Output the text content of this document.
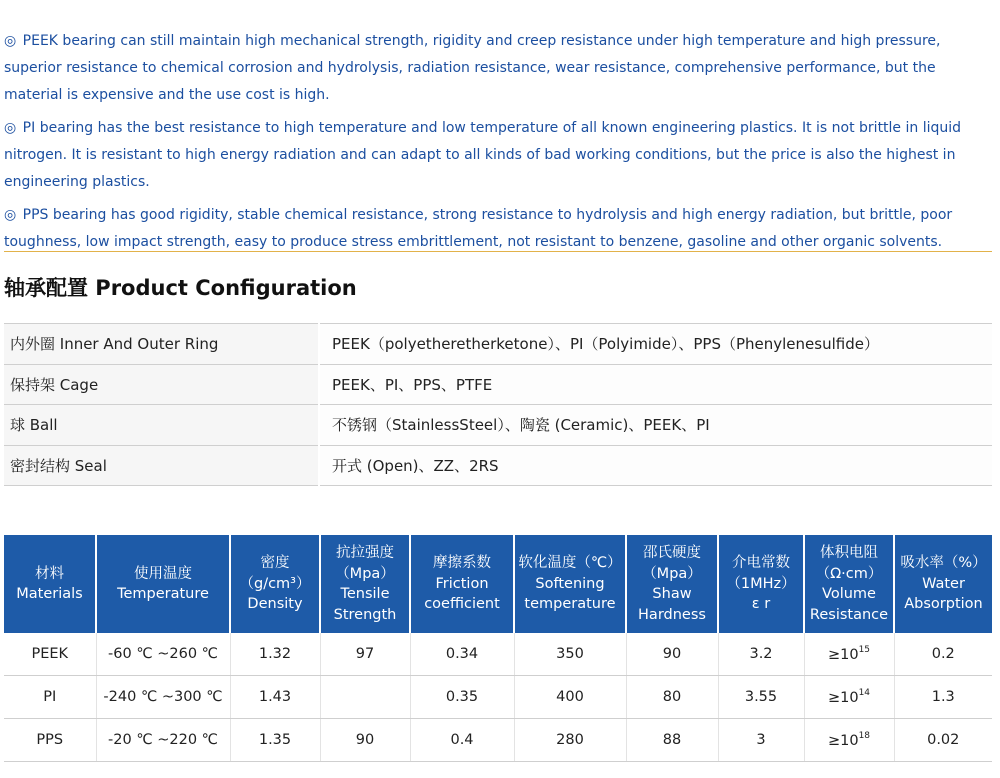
◎ PEEK bearing can still maintain high mechanical strength, rigidity and creep resistance under high temperature and high pressure, superior resistance to chemical corrosion and hydrolysis, radiation resistance, wear resistance, comprehensive performance, but the material is expensive and the use cost is high.

◎ PI bearing has the best resistance to high temperature and low temperature of all known engineering plastics. It is not brittle in liquid nitrogen. It is resistant to high energy radiation and can adapt to all kinds of bad working conditions, but the price is also the highest in engineering plastics.

◎ PPS bearing has good rigidity, stable chemical resistance, strong resistance to hydrolysis and high energy radiation, but brittle, poor toughness, low impact strength, easy to produce stress embrittlement, not resistant to benzene, gasoline and other organic solvents.

轴承配置 Product Configuration
内外圈 Inner And Outer Ring	PEEK（polyetheretherketone）、PI（Polyimide）、PPS（Phenylenesulfide）
保持架 Cage	PEEK、PI、PPS、PTFE
球 Ball	不锈钢（StainlessSteel）、陶瓷 (Ceramic)、PEEK、PI
密封结构 Seal	开式 (Open)、ZZ、2RS
材料
Materials	使用温度
Temperature	密度
（g/cm³）
Density	抗拉强度
（Mpa）
Tensile
Strength	摩擦系数
Friction
coefficient	软化温度（℃）
Softening
temperature	邵氏硬度
（Mpa）
Shaw
Hardness	介电常数
（1MHz）
ε r	体积电阻
（Ω·cm）
Volume
Resistance	吸水率（%）
Water
Absorption

PEEK	-60 ℃ ~260 ℃	1.32	97	0.34	350	90	3.2	$\ge 10^{15}$	0.2
PI	-240 ℃ ~300 ℃	1.43		0.35	400	80	3.55	$\ge 10^{14}$	1.3
PPS	-20 ℃ ~220 ℃	1.35	90	0.4	280	88	3	$\ge 10^{18}$	0.02
